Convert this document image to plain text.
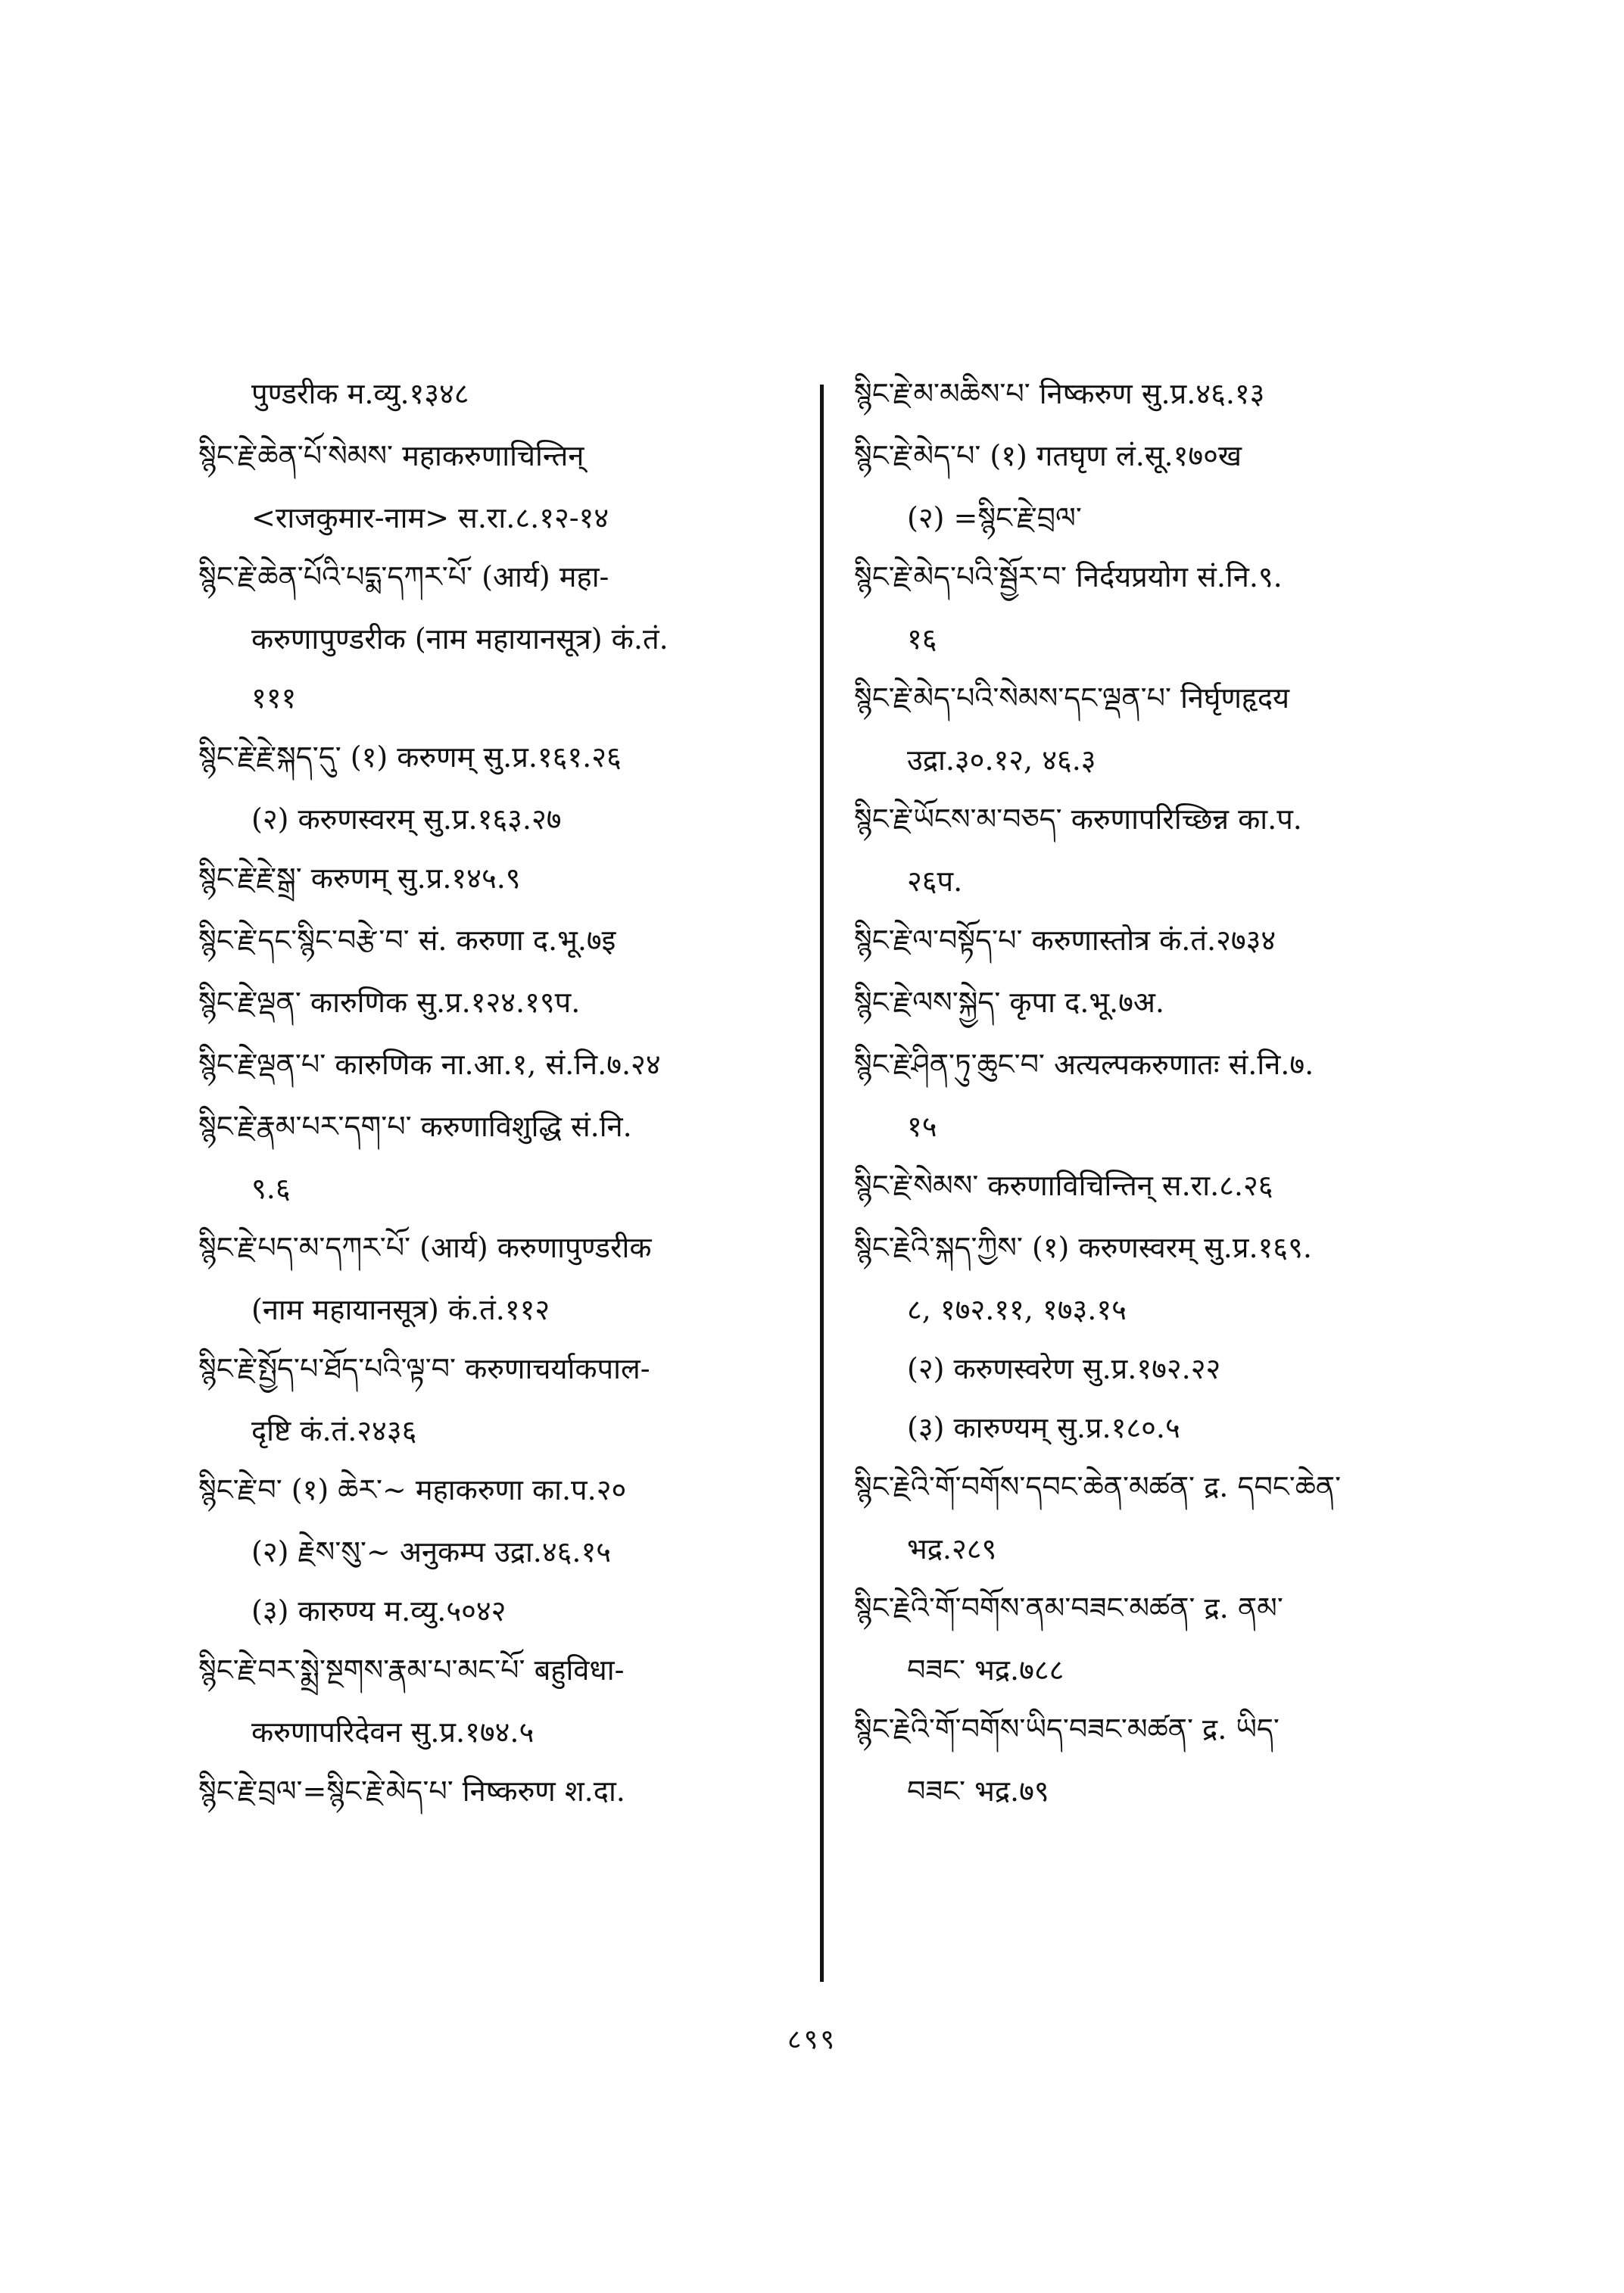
पुण्डरीक म.व्यु.१३४८
སྙིང་རྗེ་ཆེན་པོ་སེམས་ महाकरुणाचिन्तिन्
<राजकुमार-नाम> स.रा.८.१२-१४
སྙིང་རྗེ་ཆེན་པོའི་པདྨ་དཀར་པོ་ (आर्य) महा-
करुणापुण्डरीक (नाम महायानसूत्र) कं.तं.
१११
སྙིང་རྗེ་རྗེ་སྐད་དུ་ (१) करुणम् सु.प्र.१६१.२६
(२) करुणस्वरम् सु.प्र.१६३.२७
སྙིང་རྗེ་རྗེ་སྒྲ་ करुणम् सु.प्र.१४५.९
སྙིང་རྗེ་དང་སྙིང་བརྩེ་བ་ सं. करुणा द.भू.७इ
སྙིང་རྗེ་ལྡན་ कारुणिक सु.प्र.१२४.१९प.
སྙིང་རྗེ་ལྡན་པ་ कारुणिक ना.आ.१, सं.नि.७.२४
སྙིང་རྗེ་རྣམ་པར་དག་པ་ करुणाविशुद्धि सं.नि.
९.६
སྙིང་རྗེ་པད་མ་དཀར་པོ་ (आर्य) करुणापुण्डरीक
(नाम महायानसूत्र) कं.तं.११२
སྙིང་རྗེ་སྤྱོད་པ་ཐོད་པའི་ལྟ་བ་ करुणाचर्याकपाल-
दृष्टि कं.तं.२४३६
སྙིང་རྗེ་བ་ (१) ཆེར་~ महाकरुणा का.प.२०
(२) རྗེས་སུ་~ अनुकम्प उद्रा.४६.१५
(३) कारुण्य म.व्यु.५०४२
སྙིང་རྗེ་བར་སྨྲེ་སྔགས་རྣམ་པ་མང་པོ་ बहुविधा-
करुणापरिदेवन सु.प्र.१७४.५
སྙིང་རྗེ་བྲལ་=སྙིང་རྗེ་མེད་པ་ निष्करुण श.दा.
སྙིང་རྗེ་མ་མཆིས་པ་ निष्करुण सु.प्र.४६.१३
སྙིང་རྗེ་མེད་པ་ (१) गतघृण लं.सू.१७०ख
(२) =སྙིང་རྗེ་བྲལ་
སྙིང་རྗེ་མེད་པའི་སྦྱོར་བ་ निर्दयप्रयोग सं.नि.९.
१६
སྙིང་རྗེ་མེད་པའི་སེམས་དང་ལྡན་པ་ निर्घृणहृदय
उद्रा.३०.१२, ४६.३
སྙིང་རྗེ་ཡོངས་མ་བཅད་ करुणापरिच्छिन्न का.प.
२६प.
སྙིང་རྗེ་ལ་བསྟོད་པ་ करुणास्तोत्र कं.तं.२७३४
སྙིང་རྗེ་ལས་སྐྱེད་ कृपा द.भू.७अ.
སྙིང་རྗེ་ཤིན་ཏུ་ཆུང་བ་ अत्यल्पकरुणातः सं.नि.७.
१५
སྙིང་རྗེ་སེམས་ करुणाविचिन्तिन् स.रा.८.२६
སྙིང་རྗེའི་སྐད་ཀྱིས་ (१) करुणस्वरम् सु.प्र.१६९.
८, १७२.११, १७३.१५
(२) करुणस्वरेण सु.प्र.१७२.२२
(३) कारुण्यम् सु.प्र.१८०.५
སྙིང་རྗེའི་གོ་བགོས་དབང་ཆེན་མཚན་ द्र. དབང་ཆེན་
भद्र.२८९
སྙིང་རྗེའི་གོ་བགོས་ནམ་བཟང་མཚན་ द्र. ནམ་
བཟང་ भद्र.७८८
སྙིང་རྗེའི་གོ་བགོས་ཡིད་བཟང་མཚན་ द्र. ཡིད་
བཟང་ भद्र.७९
८९९
